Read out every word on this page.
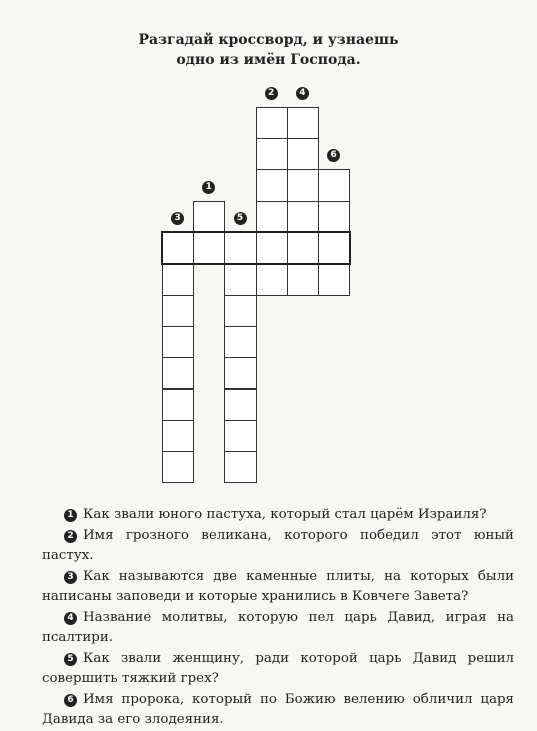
Разгадай кроссворд, и узнаешь
одно из имён Господа.
3
1
5
2	4
6
1 Как звали юного пастуха, который стал царём Израиля?
2 Имя грозного великана, которого победил этот юный пастух.
3 Как называются две каменные плиты, на которых были написаны заповеди и которые хранились в Ковчеге Завета?
4 Название молитвы, которую пел царь Давид, играя на псалтири.
5 Как звали женщину, ради которой царь Давид решил совершить тяжкий грех?
6 Имя пророка, который по Божию велению обличил царя Давида за его злодеяния.
